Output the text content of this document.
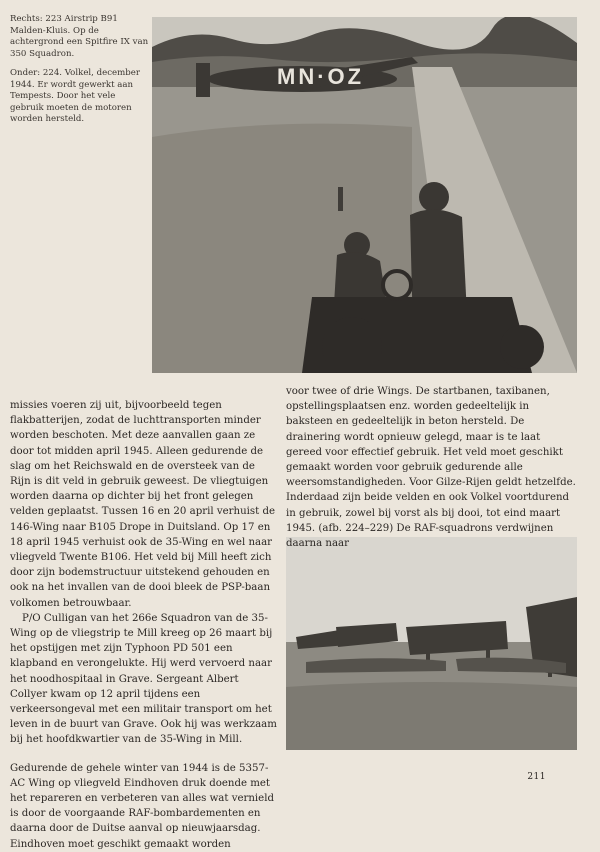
Rechts: 223 Airstrip B91 Malden-Kluis. Op de achtergrond een Spitfire IX van 350 Squadron.
Onder: 224. Volkel, december 1944. Er wordt gewerkt aan Tempests. Door het vele gebruik moeten de motoren worden hersteld.
MN·OZ

missies voeren zij uit, bijvoorbeeld tegen flakbatterijen, zodat de luchttransporten minder worden beschoten. Met deze aanvallen gaan ze door tot midden april 1945. Alleen gedurende de slag om het Reichswald en de oversteek van de Rijn is dit veld in gebruik geweest. De vliegtuigen worden daarna op dichter bij het front gelegen velden geplaatst. Tussen 16 en 20 april verhuist de 146-Wing naar B105 Drope in Duitsland. Op 17 en 18 april 1945 verhuist ook de 35-Wing en wel naar vliegveld Twente B106. Het veld bij Mill heeft zich door zijn bodemstructuur uitstekend gehouden en ook na het invallen van de dooi bleek de PSP-baan volkomen betrouwbaar.

P/O Culligan van het 266e Squadron van de 35-Wing op de vliegstrip te Mill kreeg op 26 maart bij het opstijgen met zijn Typhoon PD 501 een klapband en verongelukte. Hij werd vervoerd naar het noodhospitaal in Grave. Sergeant Albert Collyer kwam op 12 april tijdens een verkeersongeval met een militair transport om het leven in de buurt van Grave. Ook hij was werkzaam bij het hoofdkwartier van de 35-Wing in Mill.

Gedurende de gehele winter van 1944 is de 5357-AC Wing op vliegveld Eindhoven druk doende met het repareren en verbeteren van alles wat vernield is door de voorgaande RAF-bombardementen en daarna door de Duitse aanval op nieuwjaarsdag. Eindhoven moet geschikt gemaakt worden

voor twee of drie Wings. De startbanen, taxibanen, opstellingsplaatsen enz. worden gedeeltelijk in baksteen en gedeeltelijk in beton hersteld. De drainering wordt opnieuw gelegd, maar is te laat gereed voor effectief gebruik. Het veld moet geschikt gemaakt worden voor gebruik gedurende alle weersomstandigheden. Voor Gilze-Rijen geldt hetzelfde. Inderdaad zijn beide velden en ook Volkel voortdurend in gebruik, zowel bij vorst als bij dooi, tot eind maart 1945. (afb. 224–229) De RAF-squadrons verdwijnen daarna naar

211
